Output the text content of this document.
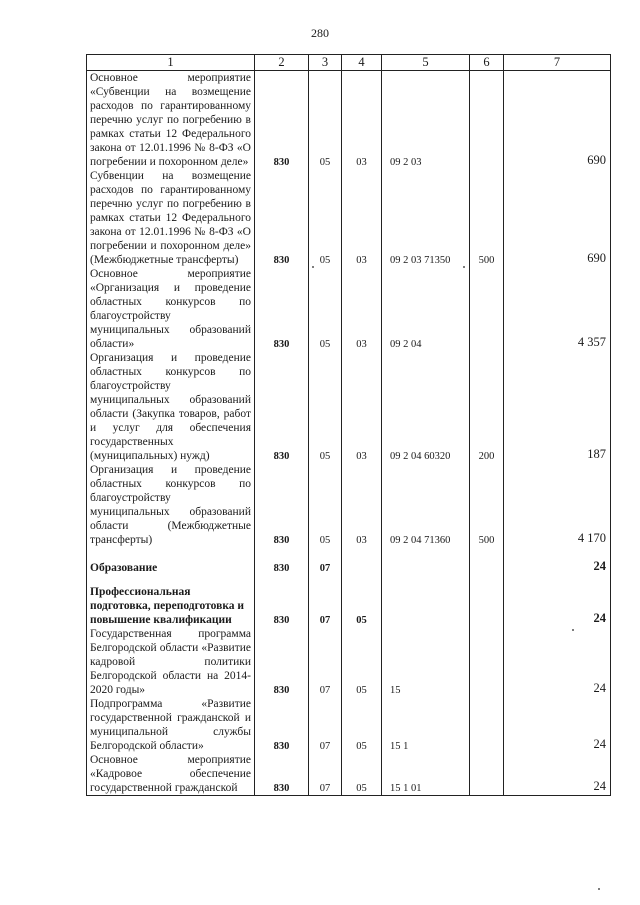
280
1	2	3	4	5	6	7
Основное мероприятие «Субвенции на возмещение расходов по гарантированному перечню услуг по погребению в рамках статьи 12 Федерального закона от 12.01.1996 № 8-ФЗ «О погребении и похоронном деле»	830	05	03	09 2 03		690
Субвенции на возмещение расходов по гарантированному перечню услуг по погребению в рамках статьи 12 Федерального закона от 12.01.1996 № 8-ФЗ «О погребении и похоронном деле» (Межбюджетные трансферты)	830	05	03	09 2 03 71350	500	690
Основное мероприятие «Организация и проведение областных конкурсов по благоустройству муниципальных образований области»	830	05	03	09 2 04		4 357
Организация и проведение областных конкурсов по благоустройству муниципальных образований области (Закупка товаров, работ и услуг для обеспечения государственных (муниципальных) нужд)	830	05	03	09 2 04 60320	200	187
Организация и проведение областных конкурсов по благоустройству муниципальных образований области (Межбюджетные трансферты)	830	05	03	09 2 04 71360	500	4 170

Образование	830	07				24

Профессиональная подготовка, переподготовка и повышение квалификации	830	07	05			24
Государственная программа Белгородской области «Развитие кадровой политики Белгородской области на 2014-2020 годы»	830	07	05	15		24
Подпрограмма «Развитие государственной гражданской и муниципальной службы Белгородской области»	830	07	05	15 1		24
Основное мероприятие «Кадровое обеспечение государственной гражданской	830	07	05	15 1 01		24
